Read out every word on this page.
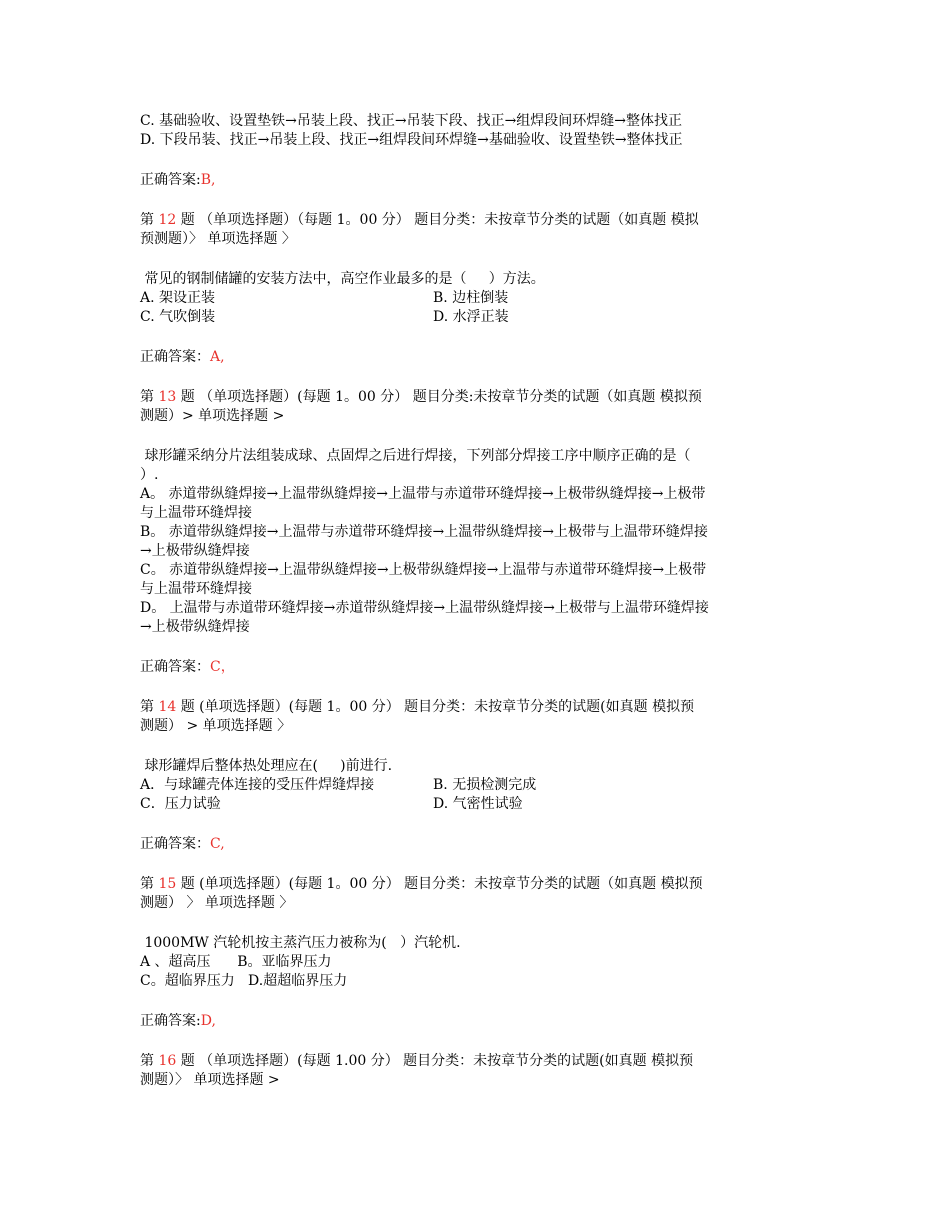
C. 基础验收、设置垫铁→吊装上段、找正→吊装下段、找正→组焊段间环焊缝→整体找正
D. 下段吊装、找正→吊装上段、找正→组焊段间环焊缝→基础验收、设置垫铁→整体找正
正确答案:B,
第 12 题 （单项选择题）（每题 1。00 分） 题目分类：未按章节分类的试题（如真题 模拟
预测题）〉 单项选择题 〉
常见的钢制储罐的安装方法中，高空作业最多的是（     ）方法。
A. 架设正装	B. 边柱倒装
C. 气吹倒装	D. 水浮正装
正确答案：A,
第 13 题 （单项选择题）(每题 1。00 分） 题目分类:未按章节分类的试题（如真题 模拟预
测题）> 单项选择题 >
球形罐采纳分片法组装成球、点固焊之后进行焊接，下列部分焊接工序中顺序正确的是（
）.
A。 赤道带纵缝焊接→上温带纵缝焊接→上温带与赤道带环缝焊接→上极带纵缝焊接→上极带
与上温带环缝焊接
B。 赤道带纵缝焊接→上温带与赤道带环缝焊接→上温带纵缝焊接→上极带与上温带环缝焊接
→上极带纵缝焊接
C。 赤道带纵缝焊接→上温带纵缝焊接→上极带纵缝焊接→上温带与赤道带环缝焊接→上极带
与上温带环缝焊接
D。 上温带与赤道带环缝焊接→赤道带纵缝焊接→上温带纵缝焊接→上极带与上温带环缝焊接
→上极带纵缝焊接
正确答案：C，
第 14 题 (单项选择题）(每题 1。00 分） 题目分类：未按章节分类的试题(如真题 模拟预
测题） > 单项选择题 〉
球形罐焊后整体热处理应在(     )前进行.
A．与球罐壳体连接的受压件焊缝焊接	B. 无损检测完成
C．压力试验	D. 气密性试验
正确答案：C,
第 15 题 (单项选择题）(每题 1。00 分） 题目分类：未按章节分类的试题（如真题 模拟预
测题） 〉 单项选择题 〉
1000MW 汽轮机按主蒸汽压力被称为(   ）汽轮机.
A 、超高压      B。亚临界压力
C。超临界压力   D.超超临界压力
正确答案:D,
第 16 题 （单项选择题）(每题 1.00 分） 题目分类：未按章节分类的试题(如真题 模拟预
测题）〉 单项选择题 >
